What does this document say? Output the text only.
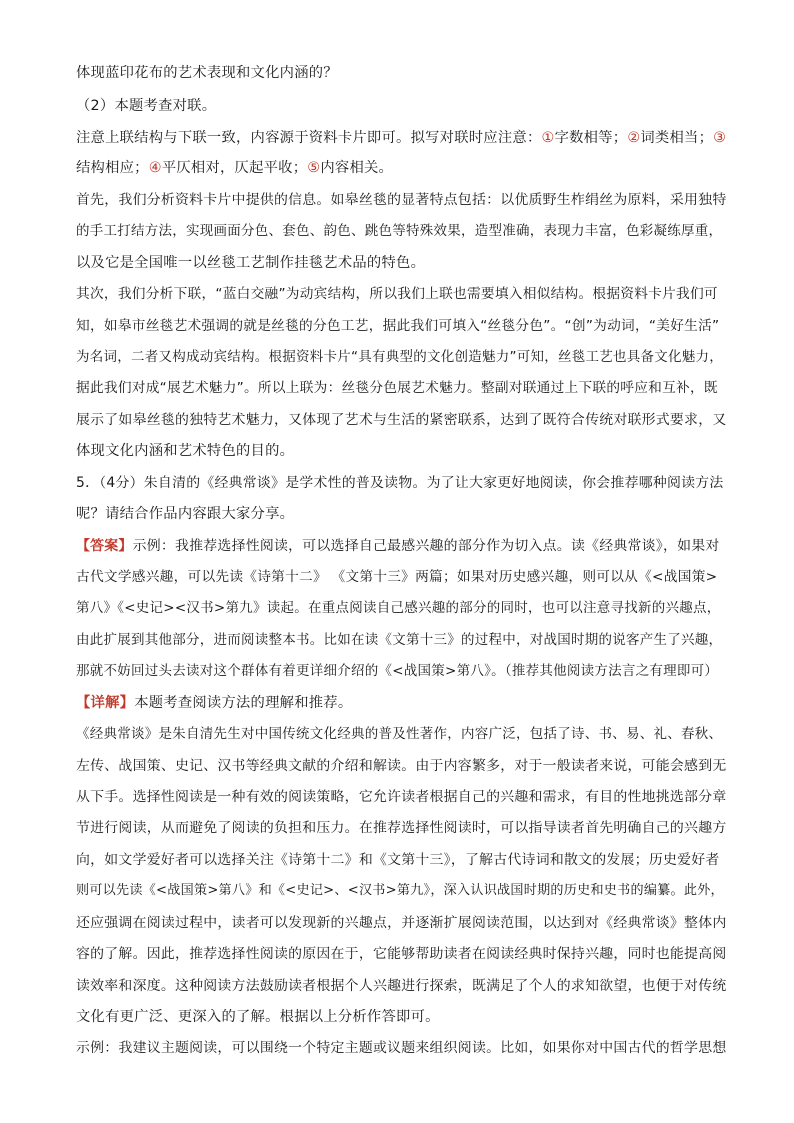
体现蓝印花布的艺术表现和文化内涵的？
（2）本题考查对联。
注意上联结构与下联一致，内容源于资料卡片即可。拟写对联时应注意：①字数相等；②词类相当；③
结构相应；④平仄相对，仄起平收；⑤内容相关。
首先，我们分析资料卡片中提供的信息。如皋丝毯的显著特点包括：以优质野生柞绢丝为原料，采用独特
的手工打结方法，实现画面分色、套色、韵色、跳色等特殊效果，造型准确，表现力丰富，色彩凝练厚重，
以及它是全国唯一以丝毯工艺制作挂毯艺术品的特色。
其次，我们分析下联，“蓝白交融”为动宾结构，所以我们上联也需要填入相似结构。根据资料卡片我们可
知，如皋市丝毯艺术强调的就是丝毯的分色工艺，据此我们可填入“丝毯分色”。“创”为动词，“美好生活”
为名词，二者又构成动宾结构。根据资料卡片“具有典型的文化创造魅力”可知，丝毯工艺也具备文化魅力，
据此我们对成“展艺术魅力”。所以上联为：丝毯分色展艺术魅力。整副对联通过上下联的呼应和互补，既
展示了如皋丝毯的独特艺术魅力，又体现了艺术与生活的紧密联系，达到了既符合传统对联形式要求，又
体现文化内涵和艺术特色的目的。
5．（4分）朱自清的《经典常谈》是学术性的普及读物。为了让大家更好地阅读，你会推荐哪种阅读方法
呢？请结合作品内容跟大家分享。
【答案】示例：我推荐选择性阅读，可以选择自己最感兴趣的部分作为切入点。读《经典常谈》，如果对
古代文学感兴趣，可以先读《诗第十二》 《文第十三》两篇；如果对历史感兴趣，则可以从《<战国策>
第八》《<史记><汉书>第九》读起。在重点阅读自己感兴趣的部分的同时，也可以注意寻找新的兴趣点，
由此扩展到其他部分，进而阅读整本书。比如在读《文第十三》的过程中，对战国时期的说客产生了兴趣，
那就不妨回过头去读对这个群体有着更详细介绍的《<战国策>第八》。（推荐其他阅读方法言之有理即可）
【详解】本题考查阅读方法的理解和推荐。
《经典常谈》是朱自清先生对中国传统文化经典的普及性著作，内容广泛，包括了诗、书、易、礼、春秋、
左传、战国策、史记、汉书等经典文献的介绍和解读。由于内容繁多，对于一般读者来说，可能会感到无
从下手。选择性阅读是一种有效的阅读策略，它允许读者根据自己的兴趣和需求，有目的性地挑选部分章
节进行阅读，从而避免了阅读的负担和压力。在推荐选择性阅读时，可以指导读者首先明确自己的兴趣方
向，如文学爱好者可以选择关注《诗第十二》和《文第十三》，了解古代诗词和散文的发展；历史爱好者
则可以先读《<战国策>第八》和《<史记>、<汉书>第九》，深入认识战国时期的历史和史书的编纂。此外，
还应强调在阅读过程中，读者可以发现新的兴趣点，并逐渐扩展阅读范围，以达到对《经典常谈》整体内
容的了解。因此，推荐选择性阅读的原因在于，它能够帮助读者在阅读经典时保持兴趣，同时也能提高阅
读效率和深度。这种阅读方法鼓励读者根据个人兴趣进行探索，既满足了个人的求知欲望，也便于对传统
文化有更广泛、更深入的了解。根据以上分析作答即可。
示例：我建议主题阅读，可以围绕一个特定主题或议题来组织阅读。比如，如果你对中国古代的哲学思想
